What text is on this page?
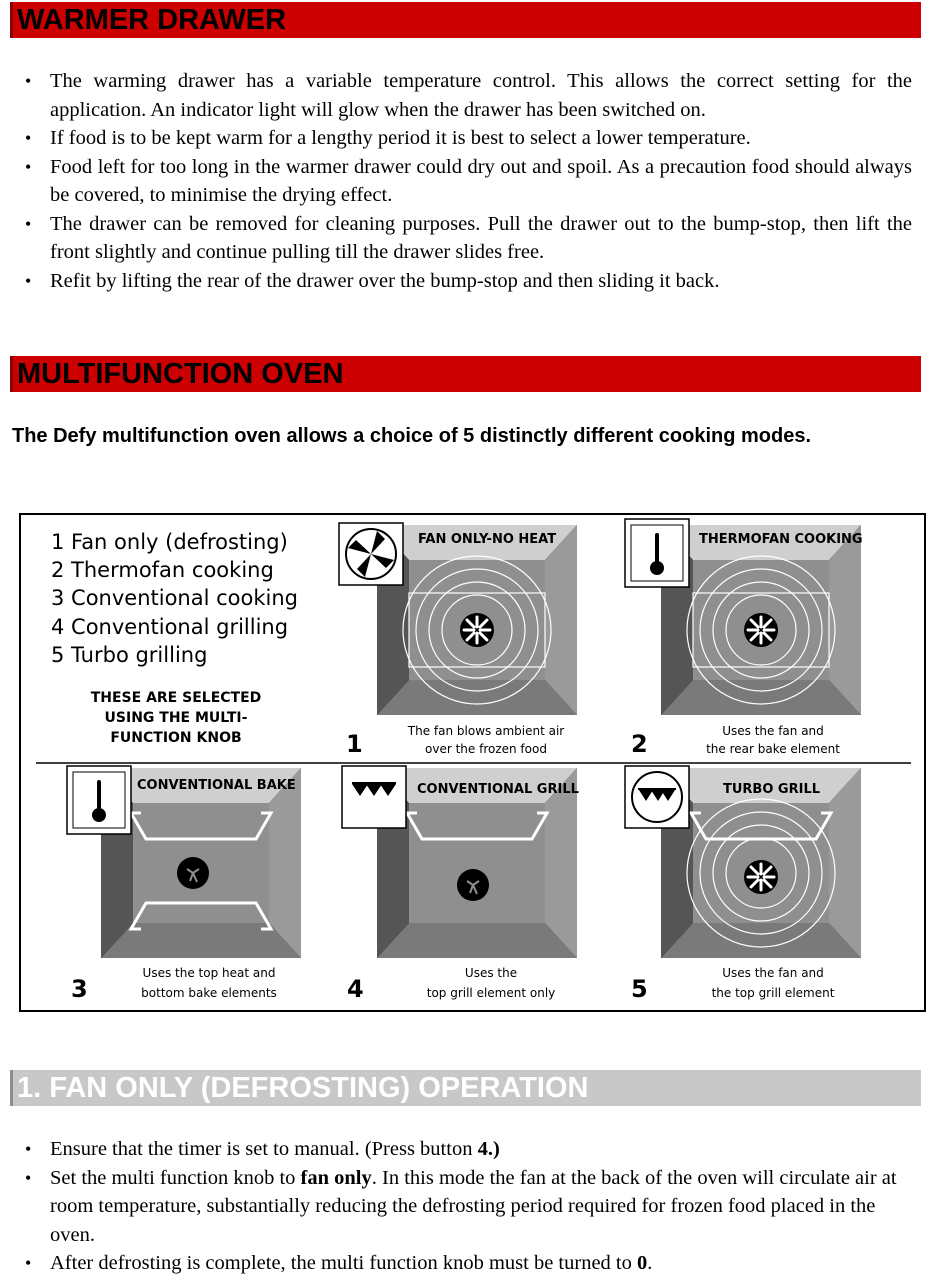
WARMER DRAWER
• The warming drawer has a variable temperature control. This allows the correct setting for the application. An indicator light will glow when the drawer has been switched on.
• If food is to be kept warm for a lengthy period it is best to select a lower temperature.
• Food left for too long in the warmer drawer could dry out and spoil. As a precaution food should always be covered, to minimise the drying effect.
• The drawer can be removed for cleaning purposes. Pull the drawer out to the bump-stop, then lift the front slightly and continue pulling till the drawer slides free.
• Refit by lifting the rear of the drawer over the bump-stop and then sliding it back.
MULTIFUNCTION OVEN
The Defy multifunction oven allows a choice of 5 distinctly different cooking modes.
1 Fan only (defrosting)
2 Thermofan cooking
3 Conventional cooking
4 Conventional grilling
5 Turbo grilling
THESE ARE SELECTED
USING THE MULTI-
FUNCTION KNOB
FAN ONLY-NO HEAT
1	The fan blows ambient air
over the frozen food
THERMOFAN COOKING
2	Uses the fan and
the rear bake element
CONVENTIONAL BAKE
3
Uses the top heat and
bottom bake elements
CONVENTIONAL GRILL
4
Uses the
top grill element only
TURBO GRILL
5
Uses the fan and
the top grill element
1. FAN ONLY (DEFROSTING) OPERATION
• Ensure that the timer is set to manual. (Press button 4.)
• Set the multi function knob to fan only. In this mode the fan at the back of the oven will circulate air at room temperature, substantially reducing the defrosting period required for frozen food placed in the oven.
• After defrosting is complete, the multi function knob must be turned to 0.
